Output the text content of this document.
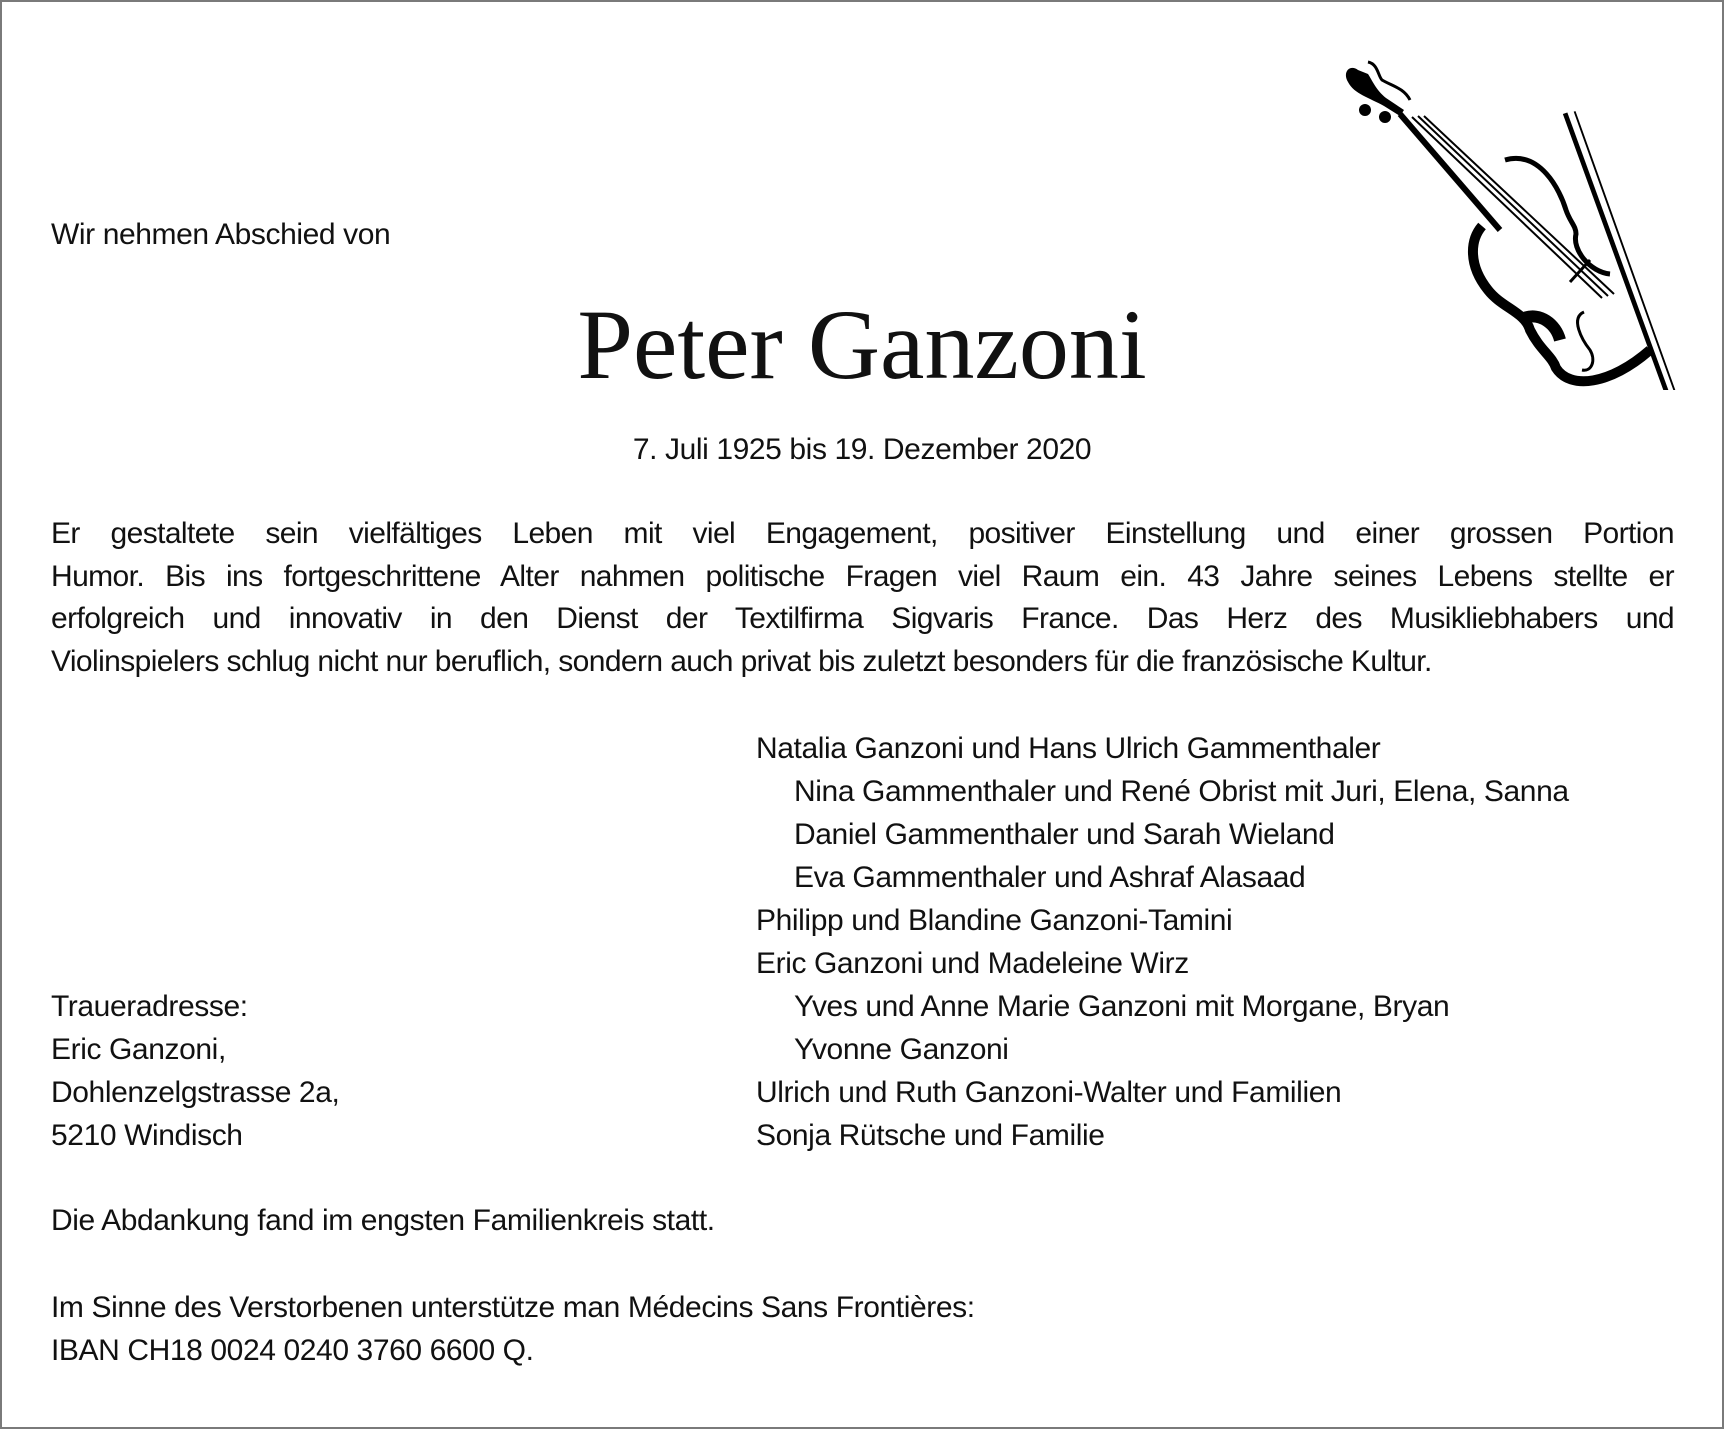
Wir nehmen Abschied von
Peter Ganzoni
7. Juli 1925 bis 19. Dezember 2020
Er gestaltete sein vielfältiges Leben mit viel Engagement, positiver Einstellung und einer grossen Portion
Humor. Bis ins fortgeschrittene Alter nahmen politische Fragen viel Raum ein. 43 Jahre seines Lebens stellte er
erfolgreich und innovativ in den Dienst der Textilfirma Sigvaris France. Das Herz des Musikliebhabers und
Violinspielers schlug nicht nur beruflich, sondern auch privat bis zuletzt besonders für die französische Kultur.
Natalia Ganzoni und Hans Ulrich Gammenthaler
Nina Gammenthaler und René Obrist mit Juri, Elena, Sanna
Daniel Gammenthaler und Sarah Wieland
Eva Gammenthaler und Ashraf Alasaad
Philipp und Blandine Ganzoni-Tamini
Eric Ganzoni und Madeleine Wirz
Yves und Anne Marie Ganzoni mit Morgane, Bryan
Yvonne Ganzoni
Ulrich und Ruth Ganzoni-Walter und Familien
Sonja Rütsche und Familie
Traueradresse:
Eric Ganzoni,
Dohlenzelgstrasse 2a,
5210 Windisch
Die Abdankung fand im engsten Familienkreis statt.
Im Sinne des Verstorbenen unterstütze man Médecins Sans Frontières:
IBAN CH18 0024 0240 3760 6600 Q.
